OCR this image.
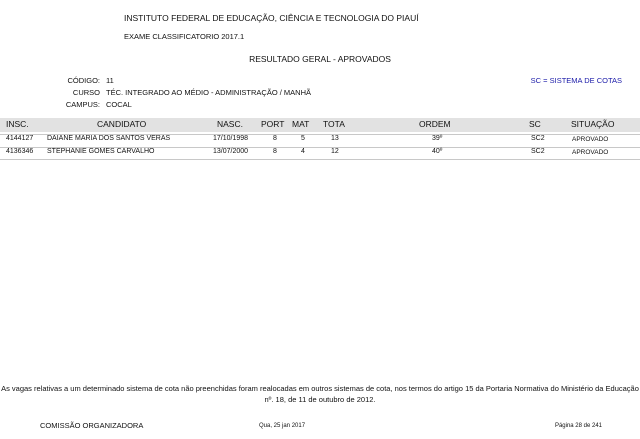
INSTITUTO FEDERAL DE EDUCAÇÃO, CIÊNCIA E TECNOLOGIA DO PIAUÍ
EXAME CLASSIFICATORIO 2017.1
RESULTADO GERAL - APROVADOS
CÓDIGO: 11
CURSO TÉC. INTEGRADO AO MÉDIO - ADMINISTRAÇÃO / MANHÃ
CAMPUS: COCAL
SC = SISTEMA DE COTAS
INSC.	CANDIDATO	NASC. PORT MAT TOTA	ORDEM	SC	SITUAÇÃO
4144127 DAIANE MARIA DOS SANTOS VERAS	17/10/1998	8	5	13	39º	SC2	APROVADO
4136346 STEPHANIE GOMES CARVALHO	13/07/2000	8	4	12	40º	SC2	APROVADO
As vagas relativas a um determinado sistema de cota não preenchidas foram realocadas em outros sistemas de cota, nos termos do artigo 15 da Portaria Normativa do Ministério da Educação nº. 18, de 11 de outubro de 2012.
COMISSÃO ORGANIZADORA	Qua, 25 jan 2017	Página 28 de 241
